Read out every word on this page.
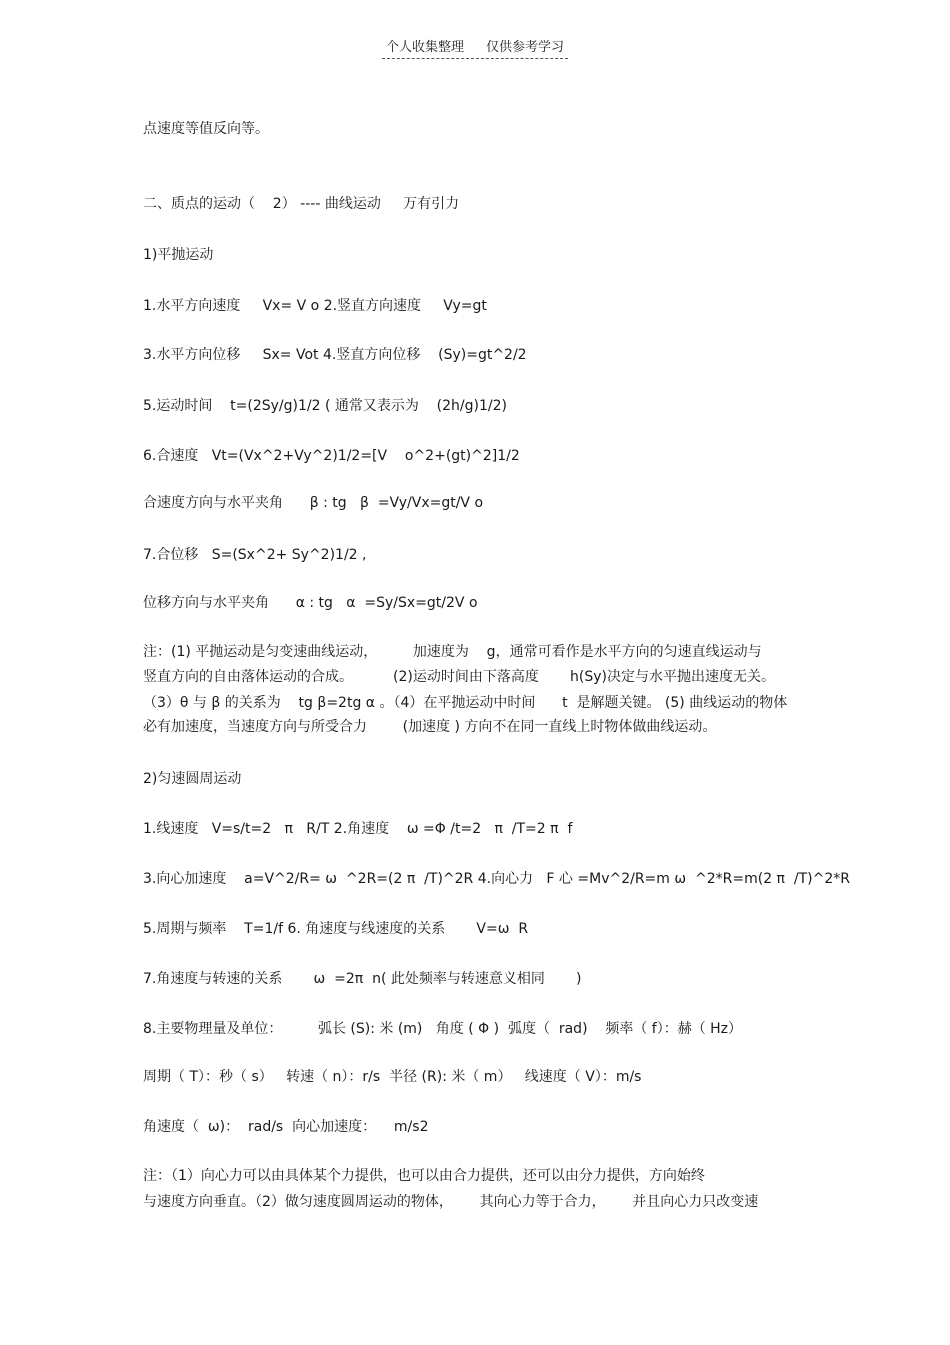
个人收集整理 仅供参考学习
点速度等值反向等。
二、质点的运动（    2） ---- 曲线运动     万有引力
1)平抛运动
1.水平方向速度     Vx= V o 2.竖直方向速度     Vy=gt
3.水平方向位移     Sx= Vot 4.竖直方向位移    (Sy)=gt^2/2
5.运动时间    t=(2Sy/g)1/2 ( 通常又表示为    (2h/g)1/2)
6.合速度   Vt=(Vx^2+Vy^2)1/2=[V    o^2+(gt)^2]1/2
合速度方向与水平夹角      β : tg   β  =Vy/Vx=gt/V o
7.合位移   S=(Sx^2+ Sy^2)1/2 ,
位移方向与水平夹角      α : tg   α  =Sy/Sx=gt/2V o
注：(1) 平抛运动是匀变速曲线运动，        加速度为    g，通常可看作是水平方向的匀速直线运动与
竖直方向的自由落体运动的合成。         (2)运动时间由下落高度       h(Sy)决定与水平抛出速度无关。
（3）θ 与 β 的关系为    tg β=2tg α 。（4）在平抛运动中时间      t  是解题关键。 (5) 曲线运动的物体
必有加速度，当速度方向与所受合力        (加速度 ) 方向不在同一直线上时物体做曲线运动。
2)匀速圆周运动
1.线速度   V=s/t=2   π   R/T 2.角速度    ω =Φ /t=2   π  /T=2 π  f
3.向心加速度    a=V^2/R= ω  ^2R=(2 π  /T)^2R 4.向心力   F 心 =Mv^2/R=m ω  ^2*R=m(2 π  /T)^2*R
5.周期与频率    T=1/f 6. 角速度与线速度的关系       V=ω  R
7.角速度与转速的关系       ω  =2π  n( 此处频率与转速意义相同       )
8.主要物理量及单位：        弧长 (S): 米 (m)   角度 ( Φ )  弧度（  rad)    频率（ f）：赫（ Hz）
周期（ T）：秒（ s）   转速（ n）：r/s  半径 (R): 米（ m）   线速度（ V）：m/s
角速度（  ω)：  rad/s  向心加速度：    m/s2
注：（1）向心力可以由具体某个力提供，也可以由合力提供，还可以由分力提供，方向始终
与速度方向垂直。（2）做匀速度圆周运动的物体，      其向心力等于合力，      并且向心力只改变速
